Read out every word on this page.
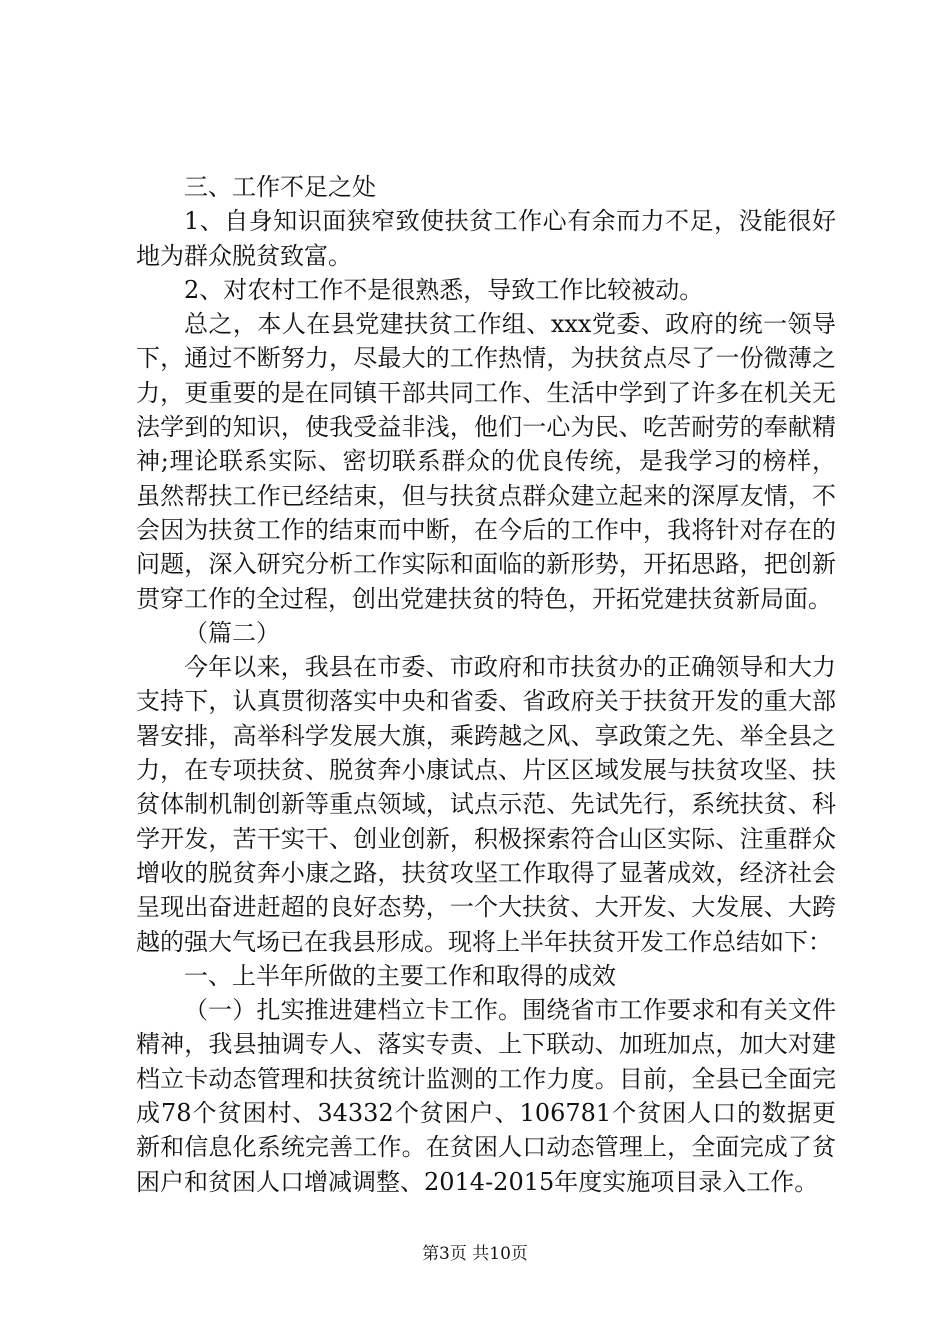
三、工作不足之处

1、自身知识面狭窄致使扶贫工作心有余而力不足，没能很好地为群众脱贫致富。

2、对农村工作不是很熟悉，导致工作比较被动。

总之，本人在县党建扶贫工作组、xxx党委、政府的统一领导下，通过不断努力，尽最大的工作热情，为扶贫点尽了一份微薄之力，更重要的是在同镇干部共同工作、生活中学到了许多在机关无法学到的知识，使我受益非浅，他们一心为民、吃苦耐劳的奉献精神;理论联系实际、密切联系群众的优良传统，是我学习的榜样，虽然帮扶工作已经结束，但与扶贫点群众建立起来的深厚友情，不会因为扶贫工作的结束而中断，在今后的工作中，我将针对存在的问题，深入研究分析工作实际和面临的新形势，开拓思路，把创新贯穿工作的全过程，创出党建扶贫的特色，开拓党建扶贫新局面。

（篇二）

今年以来，我县在市委、市政府和市扶贫办的正确领导和大力支持下，认真贯彻落实中央和省委、省政府关于扶贫开发的重大部署安排，高举科学发展大旗，乘跨越之风、享政策之先、举全县之力，在专项扶贫、脱贫奔小康试点、片区区域发展与扶贫攻坚、扶贫体制机制创新等重点领域，试点示范、先试先行，系统扶贫、科学开发，苦干实干、创业创新，积极探索符合山区实际、注重群众增收的脱贫奔小康之路，扶贫攻坚工作取得了显著成效，经济社会呈现出奋进赶超的良好态势，一个大扶贫、大开发、大发展、大跨越的强大气场已在我县形成。现将上半年扶贫开发工作总结如下：

一、上半年所做的主要工作和取得的成效

（一）扎实推进建档立卡工作。围绕省市工作要求和有关文件精神，我县抽调专人、落实专责、上下联动、加班加点，加大对建档立卡动态管理和扶贫统计监测的工作力度。目前，全县已全面完成78个贫困村、34332个贫困户、106781个贫困人口的数据更新和信息化系统完善工作。在贫困人口动态管理上，全面完成了贫困户和贫困人口增减调整、2014-2015年度实施项目录入工作。

第3页 共10页
